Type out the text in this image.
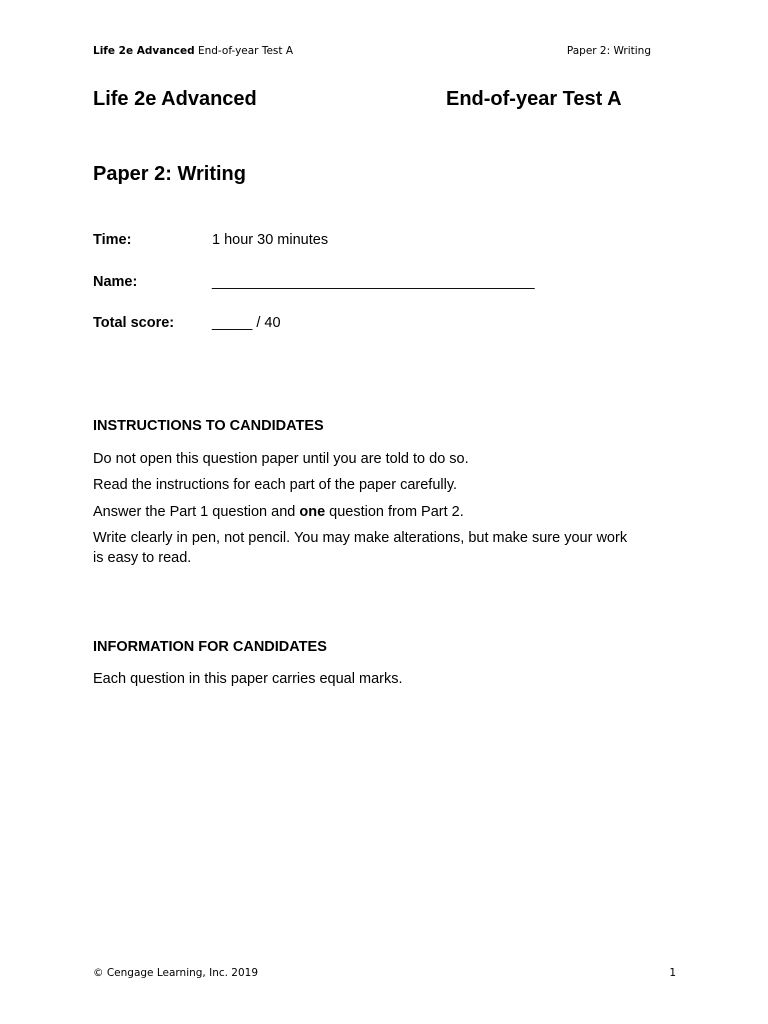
Life 2e Advanced End-of-year Test A	Paper 2: Writing
Life 2e Advanced	End-of-year Test A
Paper 2: Writing
Time:	1 hour 30 minutes
Name:	________________________________________
Total score:	_____ / 40
INSTRUCTIONS TO CANDIDATES
Do not open this question paper until you are told to do so.
Read the instructions for each part of the paper carefully.
Answer the Part 1 question and one question from Part 2.
Write clearly in pen, not pencil. You may make alterations, but make sure your work is easy to read.
INFORMATION FOR CANDIDATES
Each question in this paper carries equal marks.
© Cengage Learning, Inc. 2019	1
